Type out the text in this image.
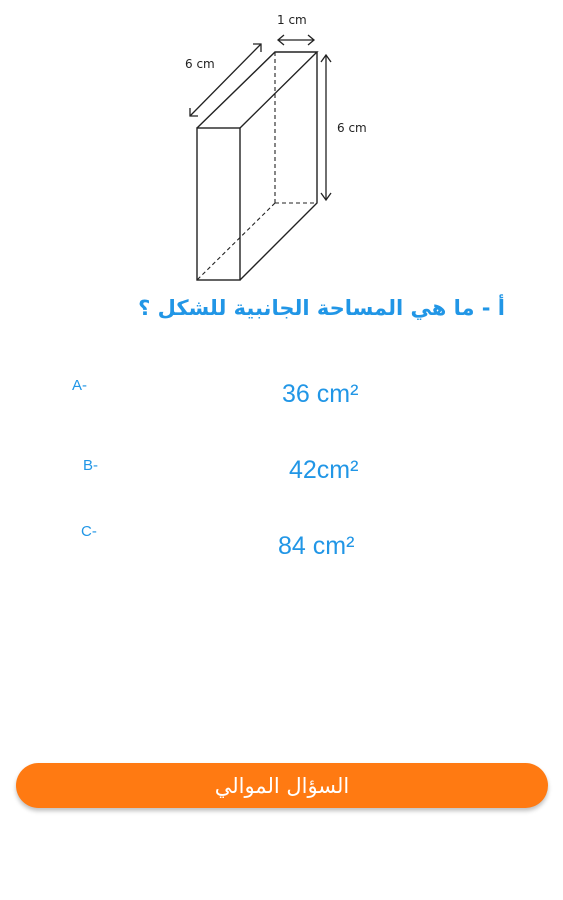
1 cm
6 cm
6 cm
أ - ما هي المساحة الجانبية للشكل ؟
A-	36 cm²
B-	42cm²
C-
84 cm²
السؤال الموالي
